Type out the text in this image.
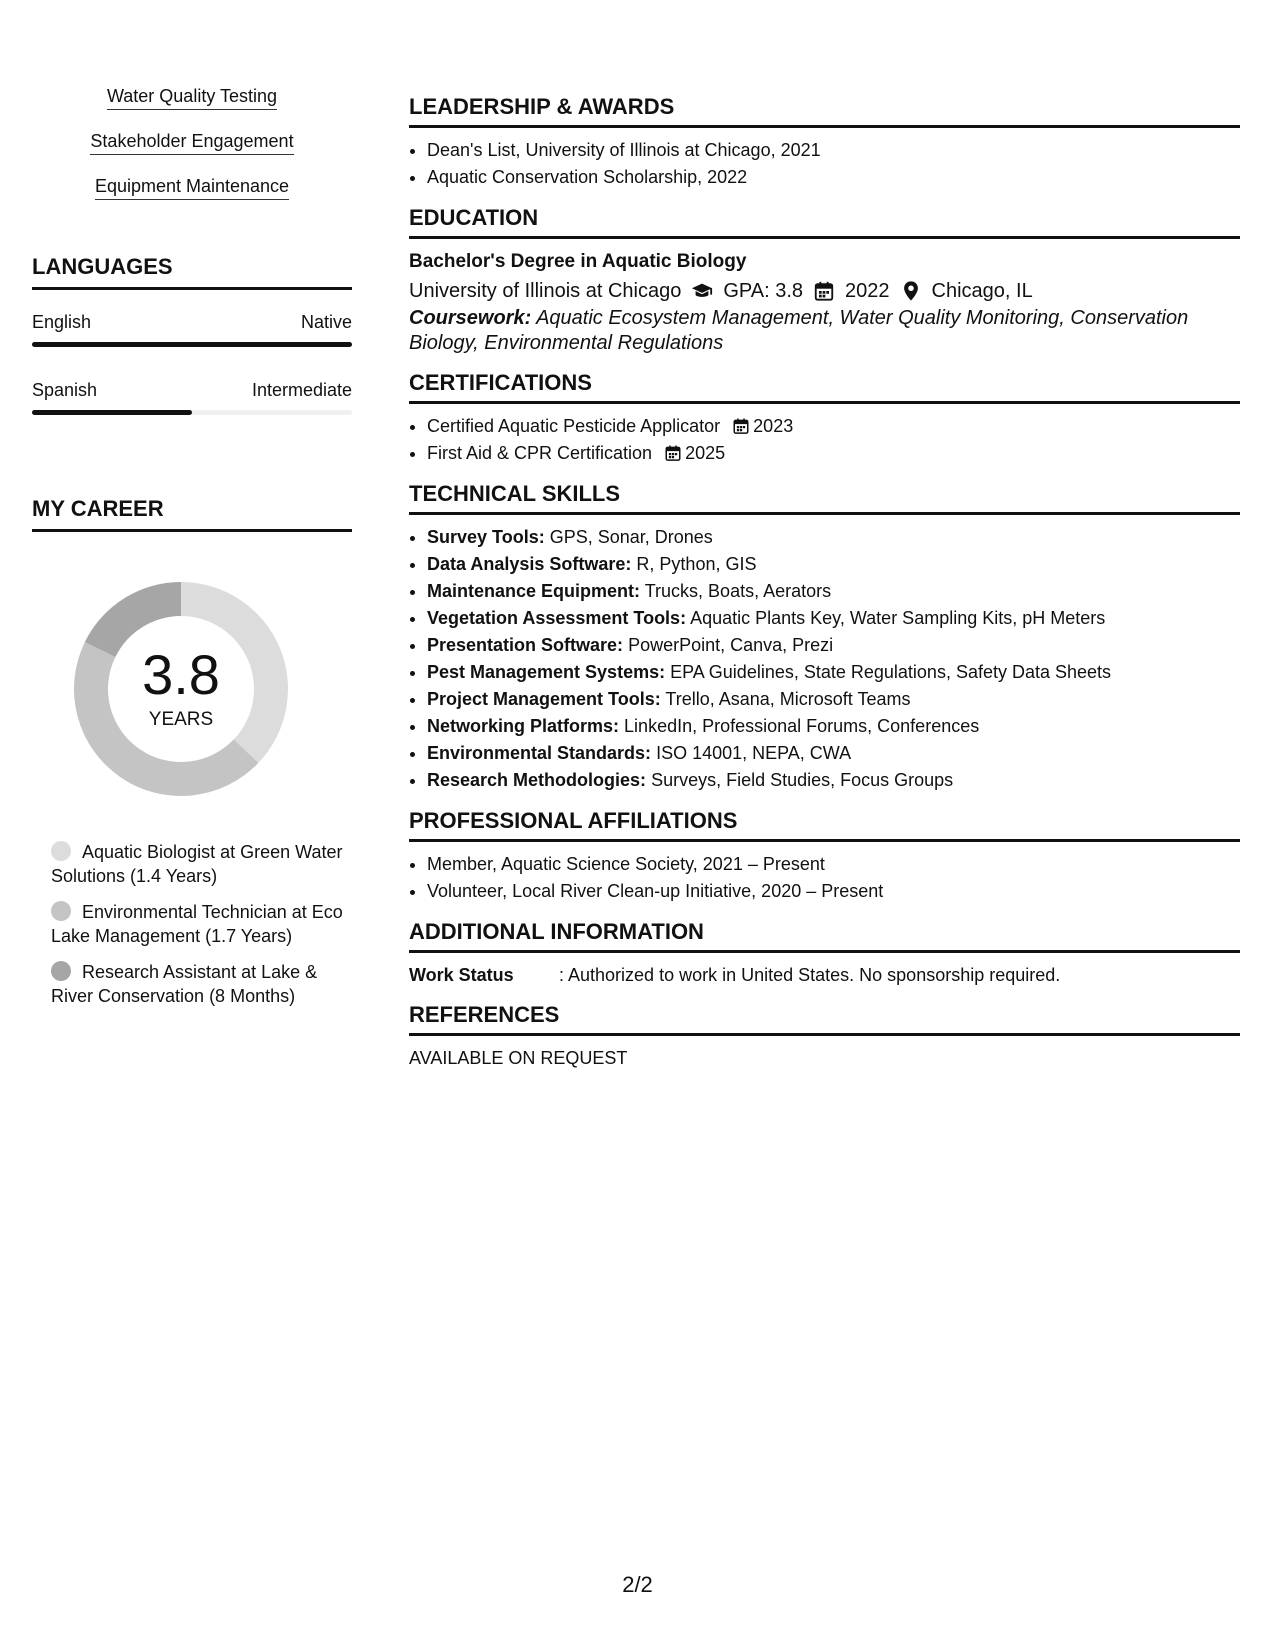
Water Quality Testing
Stakeholder Engagement
Equipment Maintenance
LANGUAGES
English	Native
Spanish	Intermediate
MY CAREER
3.8
YEARS
Aquatic Biologist at Green Water Solutions (1.4 Years)
Environmental Technician at Eco Lake Management (1.7 Years)
Research Assistant at Lake & River Conservation (8 Months)
LEADERSHIP & AWARDS
• Dean's List, University of Illinois at Chicago, 2021
• Aquatic Conservation Scholarship, 2022
EDUCATION
Bachelor's Degree in Aquatic Biology
University of Illinois at Chicago GPA: 3.8 2022 Chicago, IL
Coursework: Aquatic Ecosystem Management, Water Quality Monitoring, Conservation Biology, Environmental Regulations
CERTIFICATIONS
• Certified Aquatic Pesticide Applicator 2023
• First Aid & CPR Certification 2025
TECHNICAL SKILLS
• Survey Tools: GPS, Sonar, Drones
• Data Analysis Software: R, Python, GIS
• Maintenance Equipment: Trucks, Boats, Aerators
• Vegetation Assessment Tools: Aquatic Plants Key, Water Sampling Kits, pH Meters
• Presentation Software: PowerPoint, Canva, Prezi
• Pest Management Systems: EPA Guidelines, State Regulations, Safety Data Sheets
• Project Management Tools: Trello, Asana, Microsoft Teams
• Networking Platforms: LinkedIn, Professional Forums, Conferences
• Environmental Standards: ISO 14001, NEPA, CWA
• Research Methodologies: Surveys, Field Studies, Focus Groups
PROFESSIONAL AFFILIATIONS
• Member, Aquatic Science Society, 2021 – Present
• Volunteer, Local River Clean-up Initiative, 2020 – Present
ADDITIONAL INFORMATION
Work Status	: Authorized to work in United States. No sponsorship required.
REFERENCES
AVAILABLE ON REQUEST
2/2
